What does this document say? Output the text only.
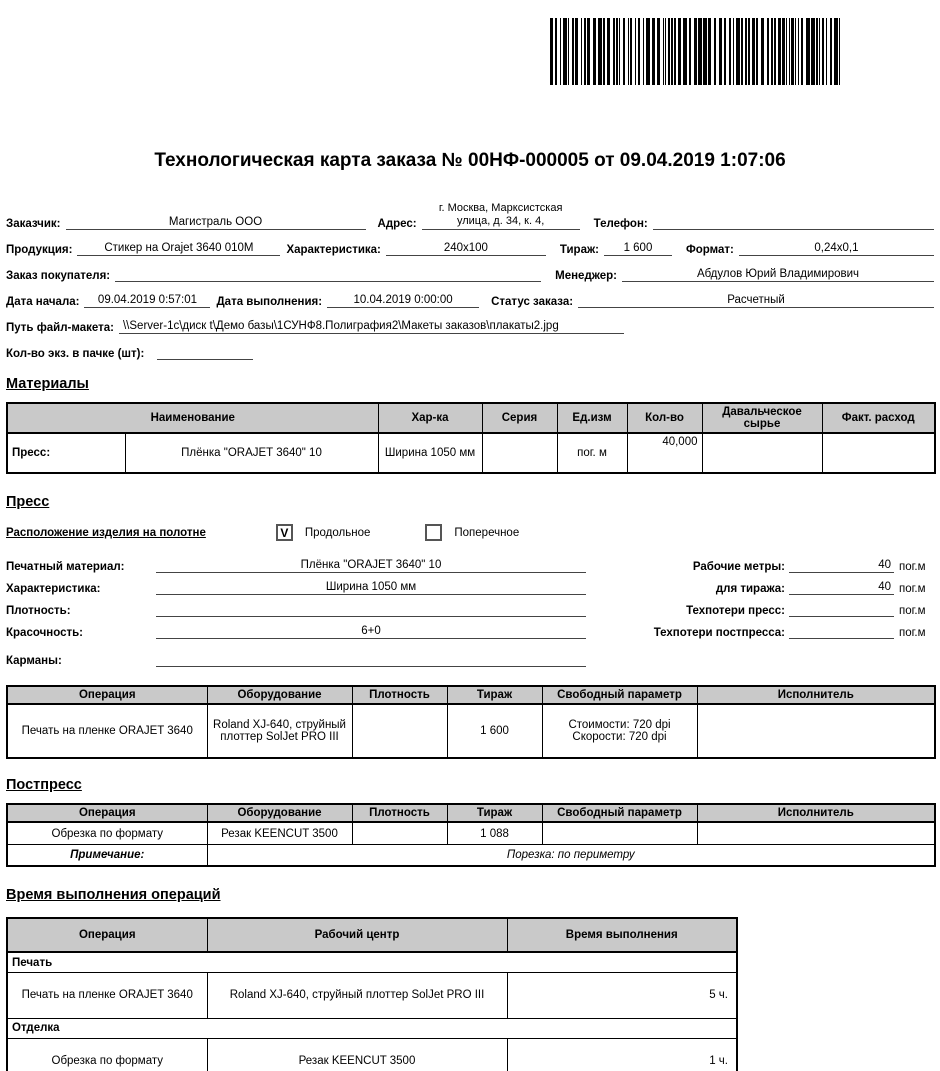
Технологическая карта заказа № 00НФ-000005 от 09.04.2019 1:07:06
Заказчик:	Магистраль ООО	Адрес:
г. Москва, Марксистская улица, д. 34, к. 4,	Телефон:
Продукция:	Стикер на Orajet 3640 010M	Характеристика:	240x100	Тираж:	1 600	Формат:	0,24x0,1
Заказ покупателя:	Менеджер:	Абдулов Юрий Владимирович
Дата начала:	09.04.2019 0:57:01	Дата выполнения:	10.04.2019 0:00:00	Статус заказа:	Расчетный
Путь файл-макета: \\Server-1c\диск t\Демо базы\1СУНФ8.Полиграфия2\Макеты заказов\плакаты2.jpg
Кол-во экз. в пачке (шт):
Материалы
Наименование		Хар-ка	Серия	Ед.изм	Кол-во	Давальческое сырье	Факт. расход
Пресс:	Плёнка "ORAJET 3640" 10	Ширина 1050 мм		пог. м	40,000		
Пресс
Расположение изделия на полотне	V	Продольное	Поперечное
Печатный материал:	Плёнка "ORAJET 3640" 10
Характеристика:	Ширина 1050 мм
Плотность:
Красочность:	6+0
Карманы:
Рабочие метры:	40 пог.м
для тиража:	40 пог.м
Техпотери пресс:	пог.м
Техпотери постпресса:	пог.м
Операция	Оборудование	Плотность	Тираж	Свободный параметр	Исполнитель
Печать на пленке ORAJET 3640	Roland XJ-640, струйный плоттер SolJet PRO III		1 600	Стоимости: 720 dpi
Скорости: 720 dpi	

Постпресс
Операция	Оборудование	Плотность	Тираж	Свободный параметр	Исполнитель
Обрезка по формату	Резак KEENCUT 3500		1 088		
Примечание:	Порезка: по периметру				
Время выполнения операций
Операция	Рабочий центр	Время выполнения
Печать		
Печать на пленке ORAJET 3640	Roland XJ-640, струйный плоттер SolJet PRO III	5 ч.
Отделка		
Обрезка по формату	Резак KEENCUT 3500	1 ч.
